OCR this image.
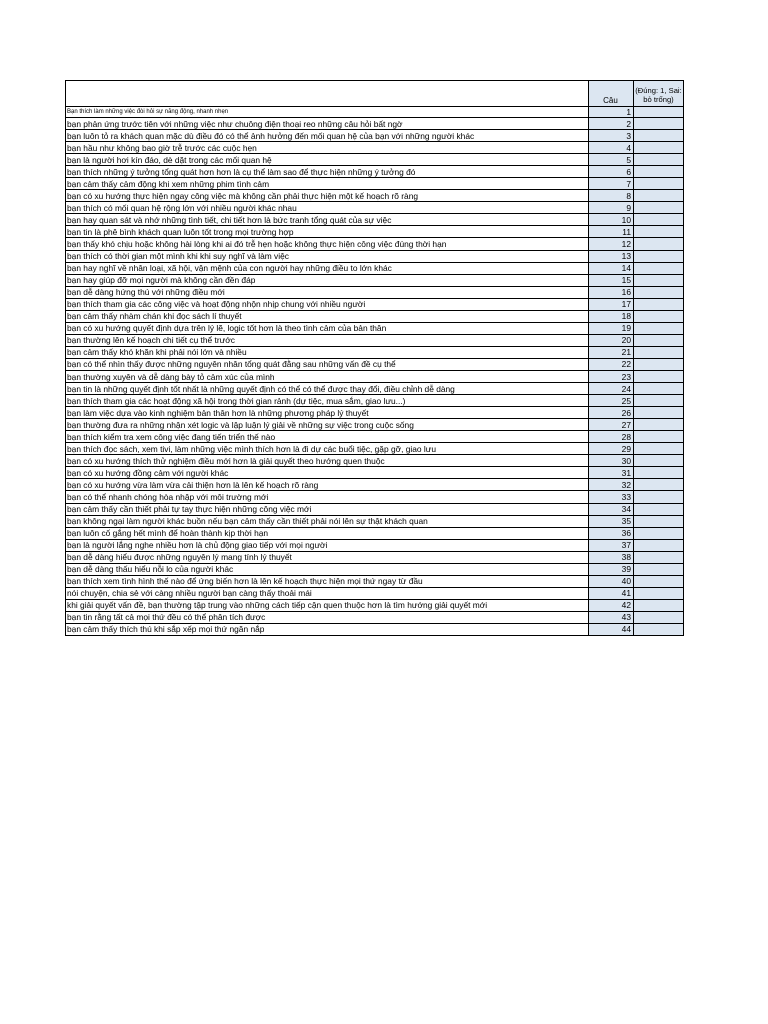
	Câu	(Đúng: 1, Sai: bỏ trống)

Bạn thích làm những việc đòi hỏi sự năng động, nhanh nhẹn	1	
bạn phản ứng trước tiên với những việc như chuông điện thoại reo những câu hỏi bất ngờ	2	
bạn luôn tỏ ra khách quan mặc dù điều đó có thể ảnh hưởng đến mối quan hệ của bạn với những người khác	3	
bạn hầu như không bao giờ trễ trước các cuộc hẹn	4	
bạn là người hơi kín đáo, dè dặt trong các mối quan hệ	5	
bạn thích những ý tưởng tổng quát hơn hơn là cụ thể làm sao để thực hiện những ý tưởng đó	6	
bạn cảm thấy cảm động khi xem những phim tình cảm	7	
bạn có xu hướng thực hiện ngay công việc mà không cần phải thực hiện một kế hoạch rõ ràng	8	
bạn thích có mối quan hệ rộng lớn với nhiều người khác nhau	9	
bạn hay quan sát và nhớ những tình tiết, chi tiết hơn là bức tranh tổng quát của sự việc	10	
bạn tin là phê bình khách quan luôn tốt trong mọi trường hợp	11	
bạn thấy khó chịu hoặc không hài lòng khi ai đó trễ hẹn hoặc không thực hiện công việc đúng thời hạn	12	
bạn thích có thời gian một mình khi khi suy nghĩ và làm việc	13	
bạn hay nghĩ về nhân loại, xã hội, vận mệnh của con người hay những điều to lớn khác	14	
bạn hay giúp đỡ mọi người mà không cần đền đáp	15	
bạn dễ dàng hứng thú với những điều mới	16	
bạn thích tham gia các công việc và hoạt động nhộn nhịp chung với nhiều người	17	
bạn cảm thấy nhàm chán khi đọc sách lí thuyết	18	
bạn có xu hướng quyết định dựa trên lý lẽ, logic tốt hơn là theo tình cảm của bản thân	19	
bạn thường lên kế hoạch chi tiết cụ thể trước	20	
bạn cảm thấy khó khăn khi phải nói lớn và nhiều	21	
bạn có thể nhìn thấy được những nguyên nhân tổng quát đằng sau những vấn đề cụ thể	22	
bạn thường xuyên và dễ dàng bày tỏ cảm xúc của mình	23	
bạn tin là những quyết định tốt nhất là những quyết định có thể có thể được thay đổi, điều chỉnh dễ dàng	24	
bạn thích tham gia các hoạt động xã hội trong thời gian rảnh (dự tiệc, mua sắm, giao lưu...)	25	
bạn làm việc dựa vào kinh nghiệm bản thân hơn là những phương pháp lý thuyết	26	
bạn thường đưa ra những nhận xét logic và lập luận lý giải về những sự việc trong cuộc sống	27	
bạn thích kiểm tra xem công việc đang tiến triển thế nào	28	
bạn thích đọc sách, xem tivi, làm những việc mình thích hơn là đi dự các buổi tiệc, gặp gỡ, giao lưu	29	
bạn có xu hướng thích thử nghiệm điều mới hơn là giải quyết theo hướng quen thuộc	30	
bạn có xu hướng đồng cảm với người khác	31	
bạn có xu hướng vừa làm vừa cải thiện hơn là lên kế hoạch rõ ràng	32	
bạn có thể nhanh chóng hòa nhập với môi trường mới	33	
bạn cảm thấy cần thiết phải tự tay thực hiện những công việc mới	34	
bạn không ngại làm người khác buồn nếu bạn cảm thấy cần thiết phải nói lên sự thật khách quan	35	
bạn luôn cố gắng hết mình để hoàn thành kịp thời hạn	36	
bạn là người lắng nghe nhiều hơn là chủ động giao tiếp với mọi người	37	
bạn dễ dàng hiểu được những nguyên lý mang tính lý thuyết	38	
bạn dễ dàng thấu hiểu nỗi lo của người khác	39	
bạn thích xem tình hình thế nào để ứng biến hơn là lên kế hoạch thực hiện mọi thứ ngay từ đầu	40	
nói chuyện, chia sẻ với càng nhiều người bạn càng thấy thoải mái	41	
khi giải quyết vấn đề, bạn thường tập trung vào những cách tiếp cận quen thuộc hơn là tìm hướng giải quyết mới	42	
bạn tin rằng tất cả mọi thứ đều có thể phân tích được	43	
bạn cảm thấy thích thú khi sắp xếp mọi thứ ngăn nắp	44	
